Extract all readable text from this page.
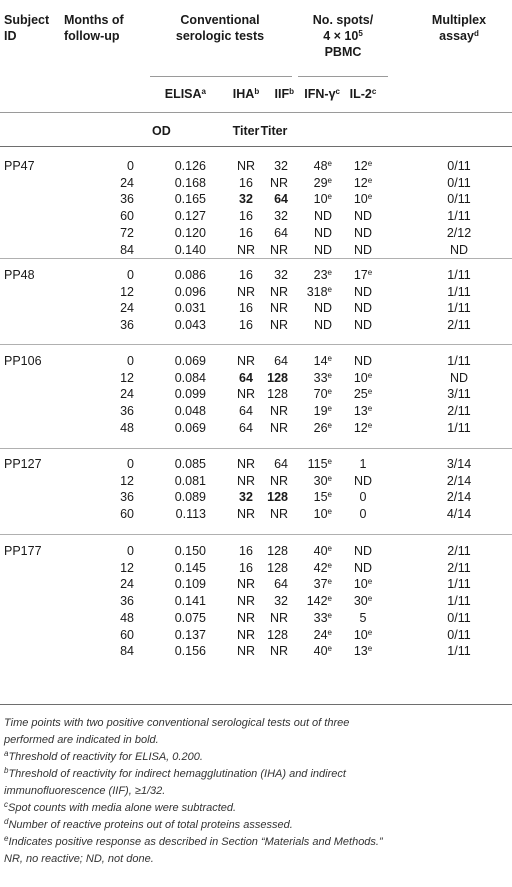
Subject
ID
Months of
follow-up
Conventional
serologic tests
No. spots/
$4 \times 10^5$
PBMC
Multiplex
assay$^d$
ELISA$^a$	IHA$^b$	IIF$^b$ IFN-$\gamma^c$ IL-2$^c$
OD	Titer Titer
PP47	0	0.126	NR	32	48e	12e	0/11
24	0.168	16	NR	29e	12e	0/11
36	0.165	32	64	10e	10e	0/11
60	0.127	16	32	ND	ND	1/11
72	0.120	16	64	ND	ND	2/12
84	0.140	NR	NR	ND	ND	ND
PP48	0	0.086	16	32	23e	17e	1/11
12	0.096	NR	NR	318e	ND	1/11
24	0.031	16	NR	ND	ND	1/11
36	0.043	16	NR	ND	ND	2/11
PP106	0	0.069	NR	64	14e	ND	1/11
12	0.084	64	128	33e	10e	ND
24	0.099	NR 128	70e	25e	3/11
36	0.048	64	NR	19e	13e	2/11
48	0.069	64	NR	26e	12e	1/11
PP127	0	0.085	NR	64	115e	1	3/14
12	0.081	NR	NR	30e	ND	2/14
36	0.089	32	128	15e	0	2/14
60	0.113	NR	NR	10e	0	4/14
PP177	0	0.150	16	128	40e	ND	2/11
12	0.145	16	128	42e	ND	2/11
24	0.109	NR	64	37e	10e	1/11
36	0.141	NR	32	142e	30e	1/11
48	0.075	NR	NR	33e	5	0/11
60	0.137	NR 128	24e	10e	0/11
84	0.156	NR	NR	40e	13e	1/11
Time points with two positive conventional serological tests out of three
performed are indicated in bold.
$^a$Threshold of reactivity for ELISA, 0.200.
$^b$Threshold of reactivity for indirect hemagglutination (IHA) and indirect
immunofluorescence (IIF), ≥1/32.
$^c$Spot counts with media alone were subtracted.
$^d$Number of reactive proteins out of total proteins assessed.
$^e$Indicates positive response as described in Section “Materials and Methods.”
NR, no reactive; ND, not done.
